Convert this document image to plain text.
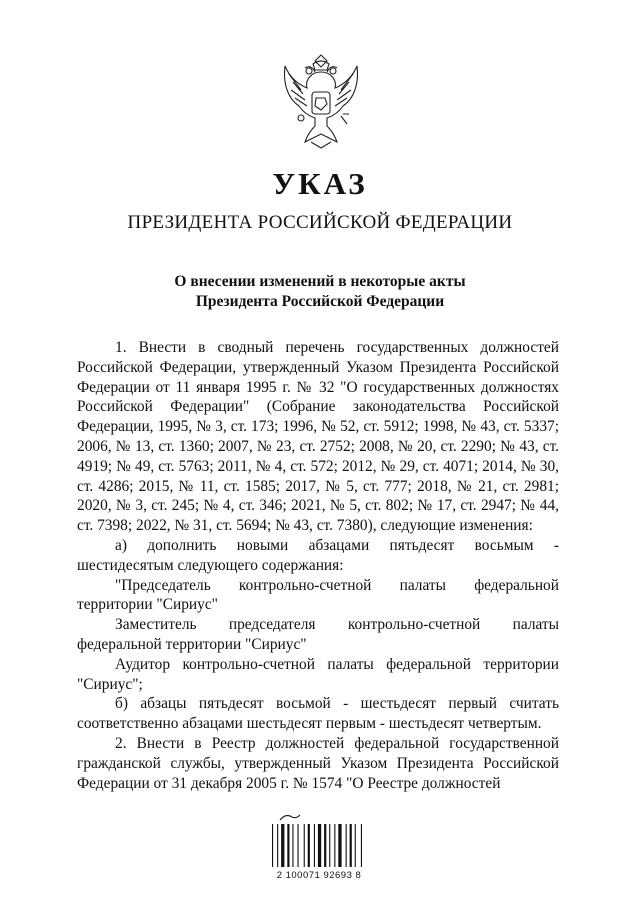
УКАЗ
ПРЕЗИДЕНТА РОССИЙСКОЙ ФЕДЕРАЦИИ
О внесении изменений в некоторые акты
Президента Российской Федерации

1. Внести в сводный перечень государственных должностей Российской Федерации, утвержденный Указом Президента Российской Федерации от 11 января 1995 г. № 32 "О государственных должностях Российской Федерации" (Собрание законодательства Российской Федерации, 1995, № 3, ст. 173; 1996, № 52, ст. 5912; 1998, № 43, ст. 5337; 2006, № 13, ст. 1360; 2007, № 23, ст. 2752; 2008, № 20, ст. 2290; № 43, ст. 4919; № 49, ст. 5763; 2011, № 4, ст. 572; 2012, № 29, ст. 4071; 2014, № 30, ст. 4286; 2015, № 11, ст. 1585; 2017, № 5, ст. 777; 2018, № 21, ст. 2981; 2020, № 3, ст. 245; № 4, ст. 346; 2021, № 5, ст. 802; № 17, ст. 2947; № 44, ст. 7398; 2022, № 31, ст. 5694; № 43, ст. 7380), следующие изменения:

а) дополнить новыми абзацами пятьдесят восьмым - шестидесятым следующего содержания:

"Председатель контрольно-счетной палаты федеральной территории "Сириус"

Заместитель председателя контрольно-счетной палаты федеральной территории "Сириус"

Аудитор контрольно-счетной палаты федеральной территории "Сириус";

б) абзацы пятьдесят восьмой - шестьдесят первый считать соответственно абзацами шестьдесят первым - шестьдесят четвертым.

2. Внести в Реестр должностей федеральной государственной гражданской службы, утвержденный Указом Президента Российской Федерации от 31 декабря 2005 г. № 1574 "О Реестре должностей

2 100071 92693 8
